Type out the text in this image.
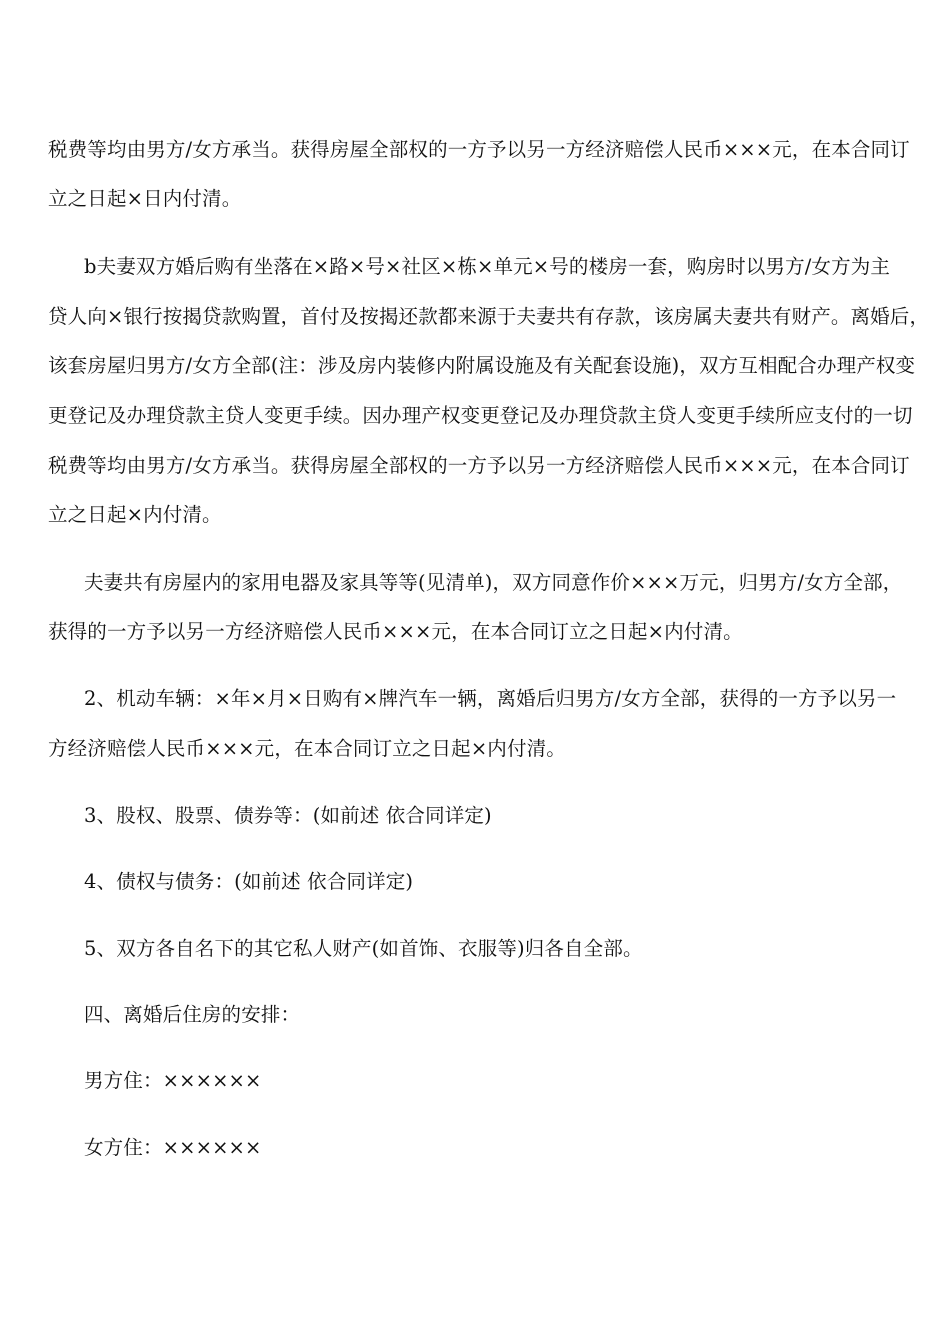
税费等均由男方/女方承当。获得房屋全部权的一方予以另一方经济赔偿人民币×××元，在本合同订
立之日起×日内付清。
b夫妻双方婚后购有坐落在×路×号×社区×栋×单元×号的楼房一套，购房时以男方/女方为主
贷人向×银行按揭贷款购置，首付及按揭还款都来源于夫妻共有存款，该房属夫妻共有财产。离婚后，
该套房屋归男方/女方全部(注：涉及房内装修内附属设施及有关配套设施)，双方互相配合办理产权变
更登记及办理贷款主贷人变更手续。因办理产权变更登记及办理贷款主贷人变更手续所应支付的一切
税费等均由男方/女方承当。获得房屋全部权的一方予以另一方经济赔偿人民币×××元，在本合同订
立之日起×内付清。
夫妻共有房屋内的家用电器及家具等等(见清单)，双方同意作价×××万元，归男方/女方全部，
获得的一方予以另一方经济赔偿人民币×××元，在本合同订立之日起×内付清。
2、机动车辆：×年×月×日购有×牌汽车一辆，离婚后归男方/女方全部，获得的一方予以另一
方经济赔偿人民币×××元，在本合同订立之日起×内付清。
3、股权、股票、债券等：(如前述 依合同详定)
4、债权与债务：(如前述 依合同详定)
5、双方各自名下的其它私人财产(如首饰、衣服等)归各自全部。
四、离婚后住房的安排：
男方住：××××××
女方住：××××××
